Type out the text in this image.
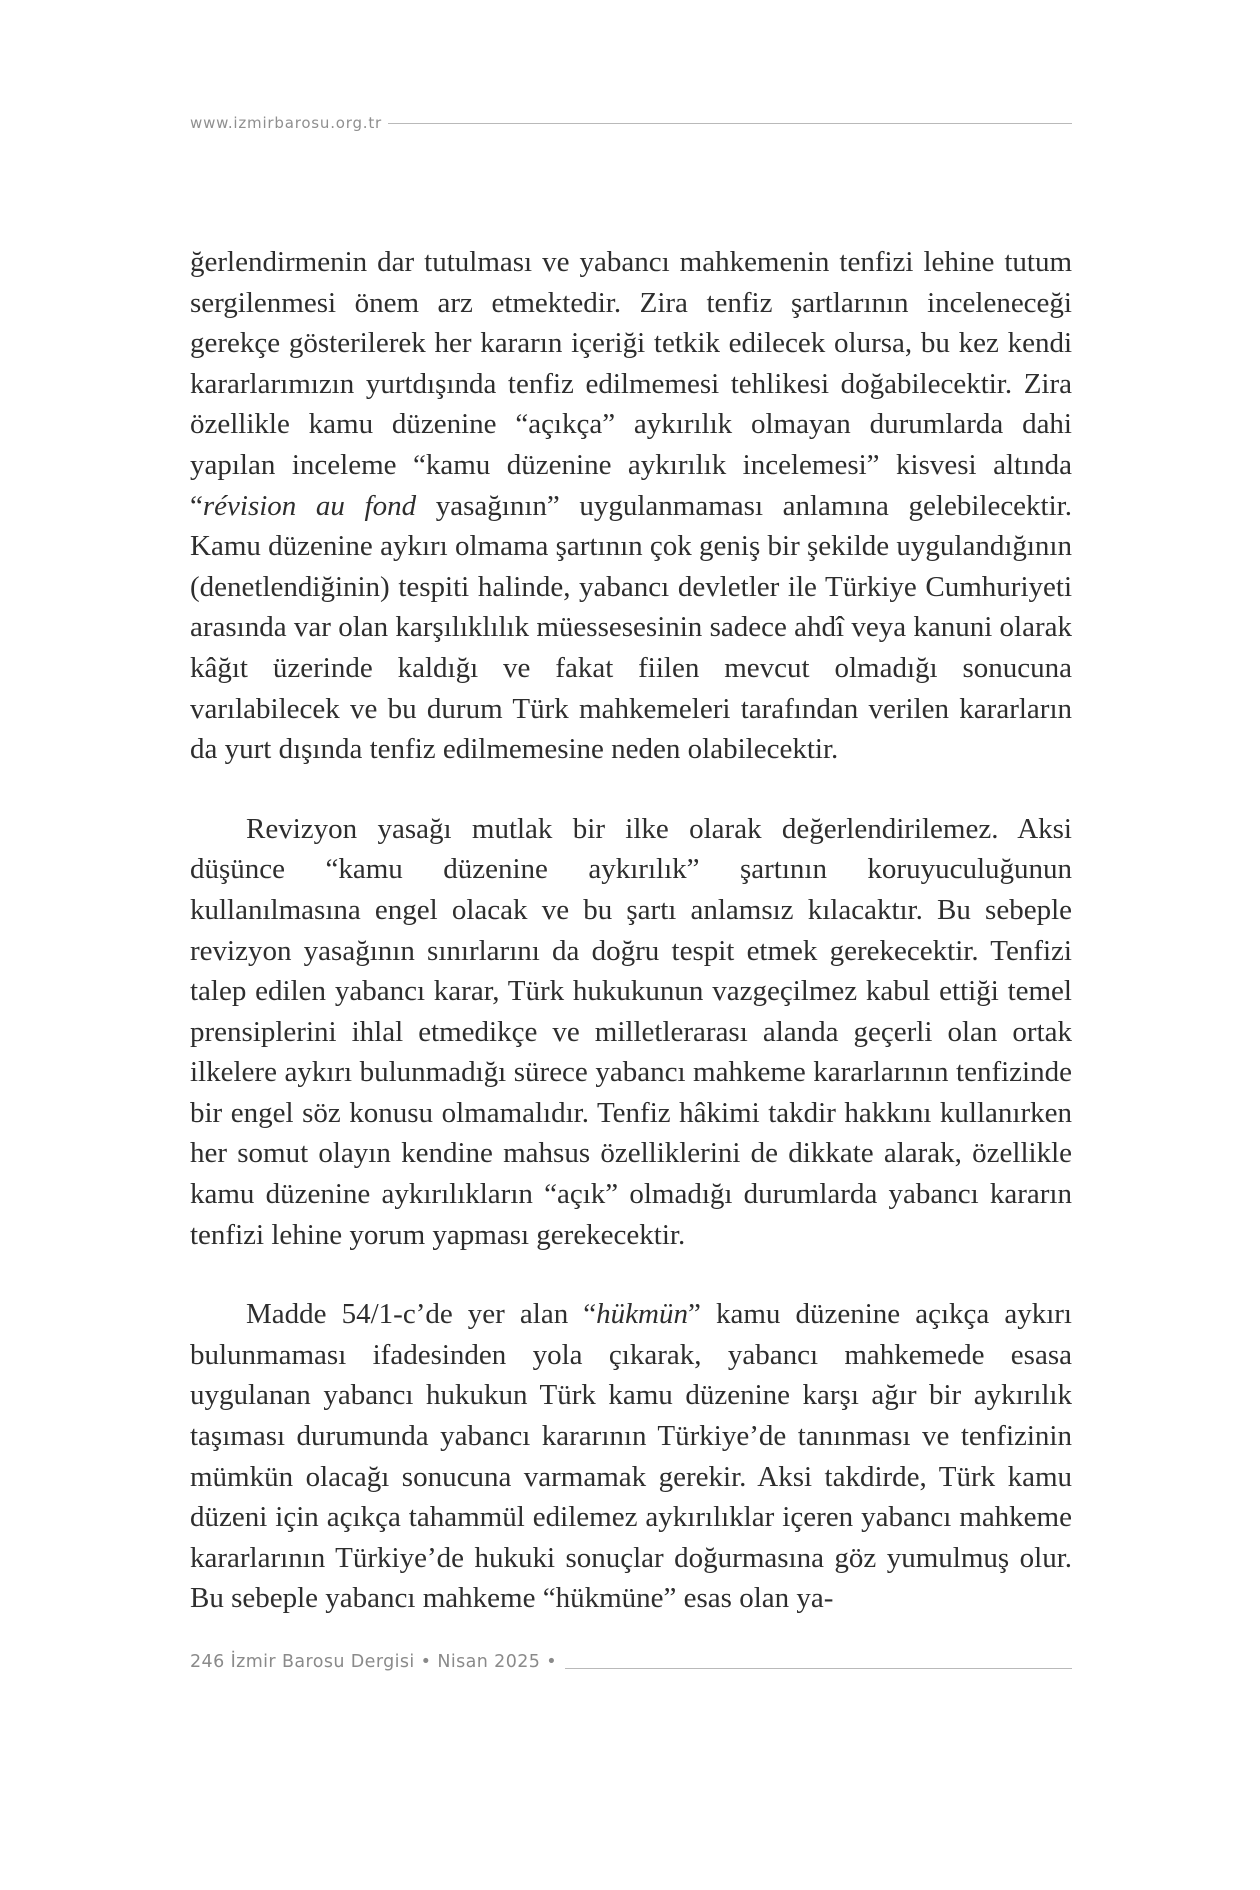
www.izmirbarosu.org.tr

ğerlendirmenin dar tutulması ve yabancı mahkemenin tenfizi lehine tutum sergilenmesi önem arz etmektedir. Zira tenfiz şartlarının inceleneceği gerekçe gösterilerek her kararın içeriği tetkik edilecek olursa, bu kez kendi kararlarımızın yurtdışında tenfiz edilmemesi tehlikesi doğabilecektir. Zira özellikle kamu düzenine “açıkça” aykırılık olmayan durumlarda dahi yapılan inceleme “kamu düzenine aykırılık incelemesi” kisvesi altında “révision au fond yasağının” uygulanmaması anlamına gelebilecektir. Kamu düzenine aykırı olmama şartının çok geniş bir şekilde uygulandığının (denetlendiğinin) tespiti halinde, yabancı devletler ile Türkiye Cumhuriyeti arasında var olan karşılıklılık müessesesinin sadece ahdî veya kanuni olarak kâğıt üzerinde kaldığı ve fakat fiilen mevcut olmadığı sonucuna varılabilecek ve bu durum Türk mahkemeleri tarafından verilen kararların da yurt dışında tenfiz edilmemesine neden olabilecektir.

Revizyon yasağı mutlak bir ilke olarak değerlendirilemez. Aksi düşünce “kamu düzenine aykırılık” şartının koruyuculuğunun kullanılmasına engel olacak ve bu şartı anlamsız kılacaktır. Bu sebeple revizyon yasağının sınırlarını da doğru tespit etmek gerekecektir. Tenfizi talep edilen yabancı karar, Türk hukukunun vazgeçilmez kabul ettiği temel prensiplerini ihlal etmedikçe ve milletlerarası alanda geçerli olan ortak ilkelere aykırı bulunmadığı sürece yabancı mahkeme kararlarının tenfizinde bir engel söz konusu olmamalıdır. Tenfiz hâkimi takdir hakkını kullanırken her somut olayın kendine mahsus özelliklerini de dikkate alarak, özellikle kamu düzenine aykırılıkların “açık” olmadığı durumlarda yabancı kararın tenfizi lehine yorum yapması gerekecektir.

Madde 54/1-c’de yer alan “hükmün” kamu düzenine açıkça aykırı bulunmaması ifadesinden yola çıkarak, yabancı mahkemede esasa uygulanan yabancı hukukun Türk kamu düzenine karşı ağır bir aykırılık taşıması durumunda yabancı kararının Türkiye’de tanınması ve tenfizinin mümkün olacağı sonucuna varmamak gerekir. Aksi takdirde, Türk kamu düzeni için açıkça tahammül edilemez aykırılıklar içeren yabancı mahkeme kararlarının Türkiye’de hukuki sonuçlar doğurmasına göz yumulmuş olur. Bu sebeple yabancı mahkeme “hükmüne” esas olan ya-

246 İzmir Barosu Dergisi • Nisan 2025 •
